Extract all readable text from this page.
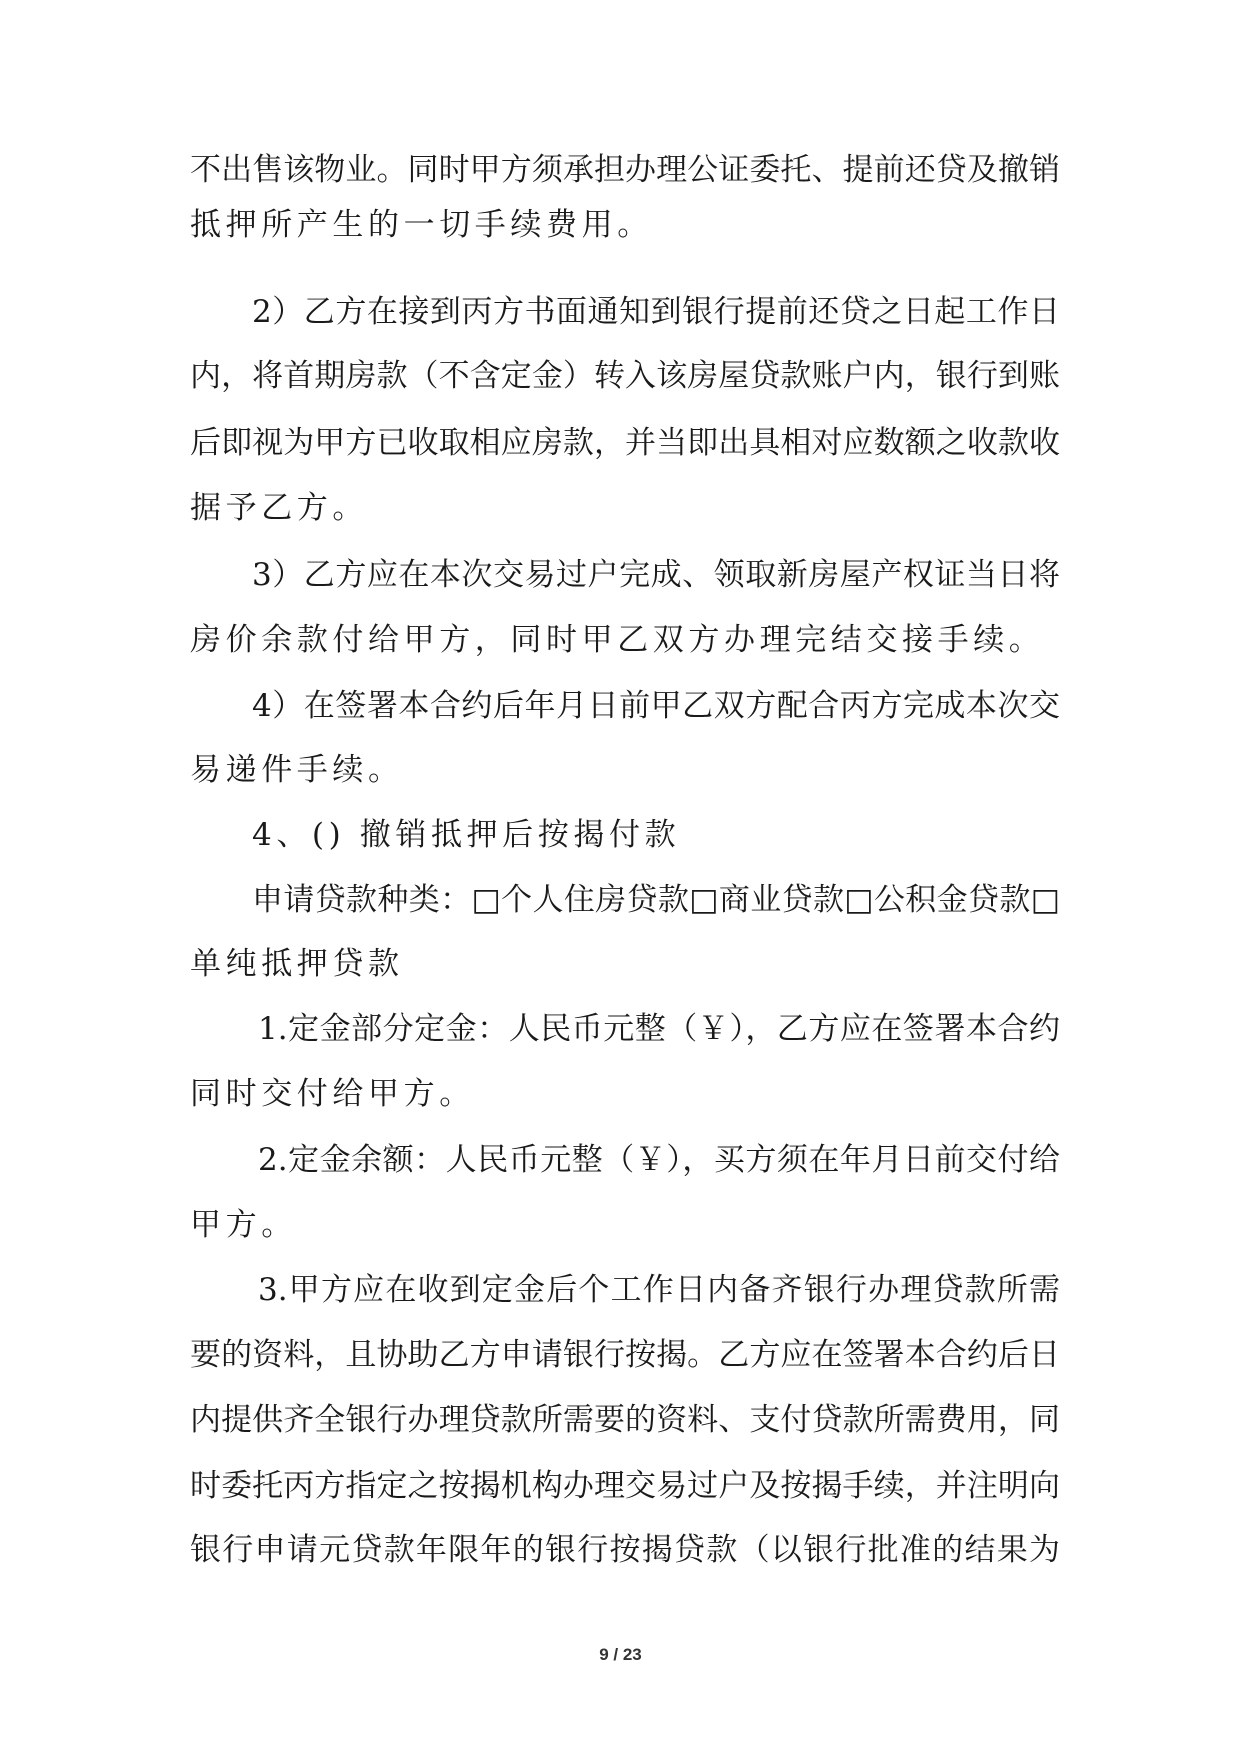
不出售该物业。同时甲方须承担办理公证委托、提前还贷及撤销
抵押所产生的一切手续费用。
2）乙方在接到丙方书面通知到银行提前还贷之日起工作日
内，将首期房款（不含定金）转入该房屋贷款账户内，银行到账
后即视为甲方已收取相应房款，并当即出具相对应数额之收款收
据予乙方。
3）乙方应在本次交易过户完成、领取新房屋产权证当日将
房价余款付给甲方，同时甲乙双方办理完结交接手续。
4）在签署本合约后年月日前甲乙双方配合丙方完成本次交
易递件手续。
4、() 撤销抵押后按揭付款
申请贷款种类：□个人住房贷款□商业贷款□公积金贷款□
单纯抵押贷款
1.定金部分定金：人民币元整（￥），乙方应在签署本合约
同时交付给甲方。
2.定金余额：人民币元整（￥），买方须在年月日前交付给
甲方。
3.甲方应在收到定金后个工作日内备齐银行办理贷款所需
要的资料，且协助乙方申请银行按揭。乙方应在签署本合约后日
内提供齐全银行办理贷款所需要的资料、支付贷款所需费用，同
时委托丙方指定之按揭机构办理交易过户及按揭手续，并注明向
银行申请元贷款年限年的银行按揭贷款（以银行批准的结果为
9 / 23
